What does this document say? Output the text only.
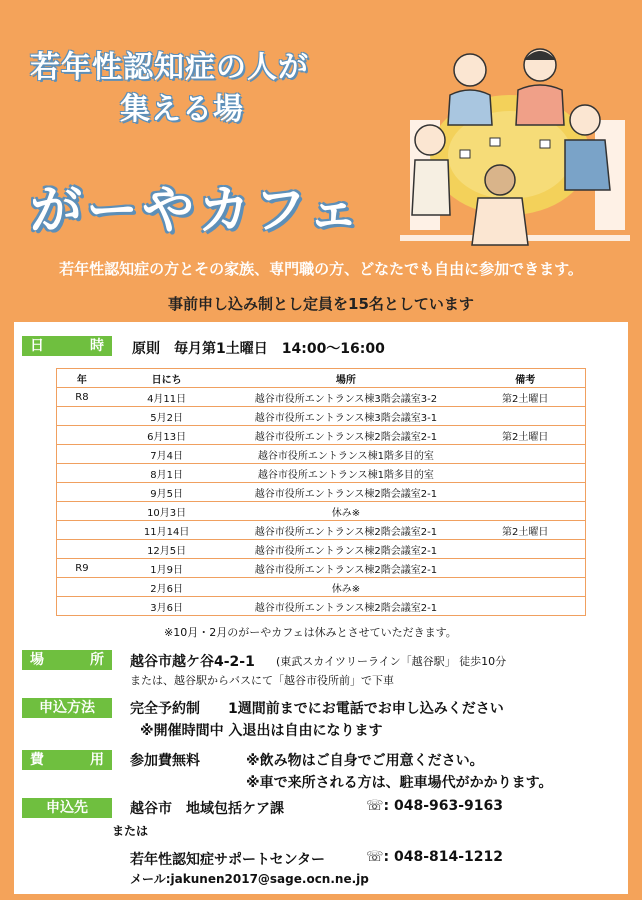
若年性認知症の人が
集える場
がーやカフェ
若年性認知症の方とその家族、専門職の方、どなたでも自由に参加できます。
事前申し込み制とし定員を15名としています
日	時 原則　毎月第1土曜日　14:00～16:00
年	日にち	場所	備考
R8	4月11日	越谷市役所エントランス棟3階会議室3-2	第2土曜日
	5月2日	越谷市役所エントランス棟3階会議室3-1	
	6月13日	越谷市役所エントランス棟2階会議室2-1	第2土曜日
	7月4日	越谷市役所エントランス棟1階多目的室	
	8月1日	越谷市役所エントランス棟1階多目的室	
	9月5日	越谷市役所エントランス棟2階会議室2-1	
	10月3日	休み※	
	11月14日	越谷市役所エントランス棟2階会議室2-1	第2土曜日
	12月5日	越谷市役所エントランス棟2階会議室2-1	
R9	1月9日	越谷市役所エントランス棟2階会議室2-1	
	2月6日	休み※	
	3月6日	越谷市役所エントランス棟2階会議室2-1	
※10月・2月のがーやカフェは休みとさせていただきます。
場	所 越谷市越ケ谷4-2-1 (東武スカイツリーライン「越谷駅」 徒歩10分
または、越谷駅からバスにて「越谷市役所前」で下車
申込方法	完全予約制　　1週間前までにお電話でお申し込みください
※開催時間中 入退出は自由になります
費	用 参加費無料	※飲み物はご自身でご用意ください。
※車で来所される方は、駐車場代がかかります。
申込先	越谷市　地域包括ケア課	☏: 048-963-9163
または
若年性認知症サポートセンター	☏: 048-814-1212
メール:jakunen2017@sage.ocn.ne.jp
